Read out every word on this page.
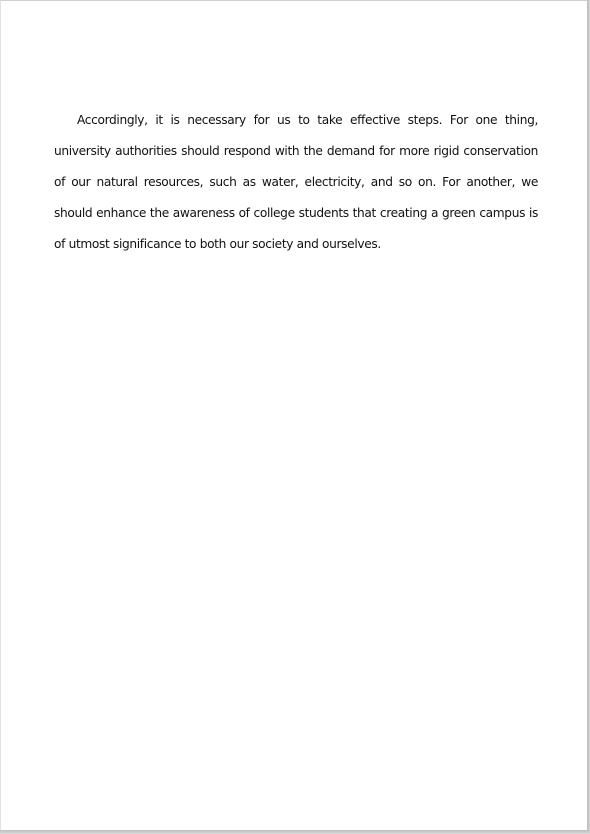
Accordingly, it is necessary for us to take effective steps. For one thing, university authorities should respond with the demand for more rigid conservation of our natural resources, such as water, electricity, and so on. For another, we should enhance the awareness of college students that creating a green campus is of utmost significance to both our society and ourselves.
